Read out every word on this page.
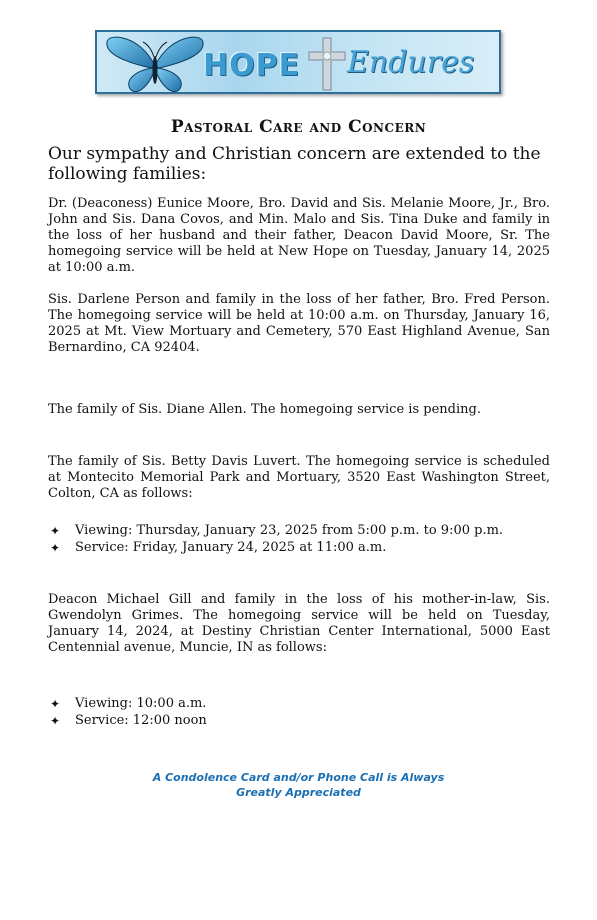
HOPE Endures
Pastoral Care and Concern
Our sympathy and Christian concern are extended to the following families:
Dr. (Deaconess) Eunice Moore, Bro. David and Sis. Melanie Moore, Jr., Bro. John and Sis. Dana Covos, and Min. Malo and Sis. Tina Duke and family in the loss of her husband and their father, Deacon David Moore, Sr. The homegoing service will be held at New Hope on Tuesday, January 14, 2025 at 10:00 a.m.
Sis. Darlene Person and family in the loss of her father, Bro. Fred Person. The homegoing service will be held at 10:00 a.m. on Thursday, January 16, 2025 at Mt. View Mortuary and Cemetery, 570 East Highland Avenue, San Bernardino, CA 92404.
The family of Sis. Diane Allen. The homegoing service is pending.
The family of Sis. Betty Davis Luvert. The homegoing service is scheduled at Montecito Memorial Park and Mortuary, 3520 East Washington Street, Colton, CA as follows:
✦ Viewing: Thursday, January 23, 2025 from 5:00 p.m. to 9:00 p.m.
✦ Service: Friday, January 24, 2025 at 11:00 a.m.
Deacon Michael Gill and family in the loss of his mother-in-law, Sis. Gwendolyn Grimes. The homegoing service will be held on Tuesday, January 14, 2024, at Destiny Christian Center International, 5000 East Centennial avenue, Muncie, IN as follows:
✦ Viewing: 10:00 a.m.
✦ Service: 12:00 noon
A Condolence Card and/or Phone Call is Always
Greatly Appreciated
